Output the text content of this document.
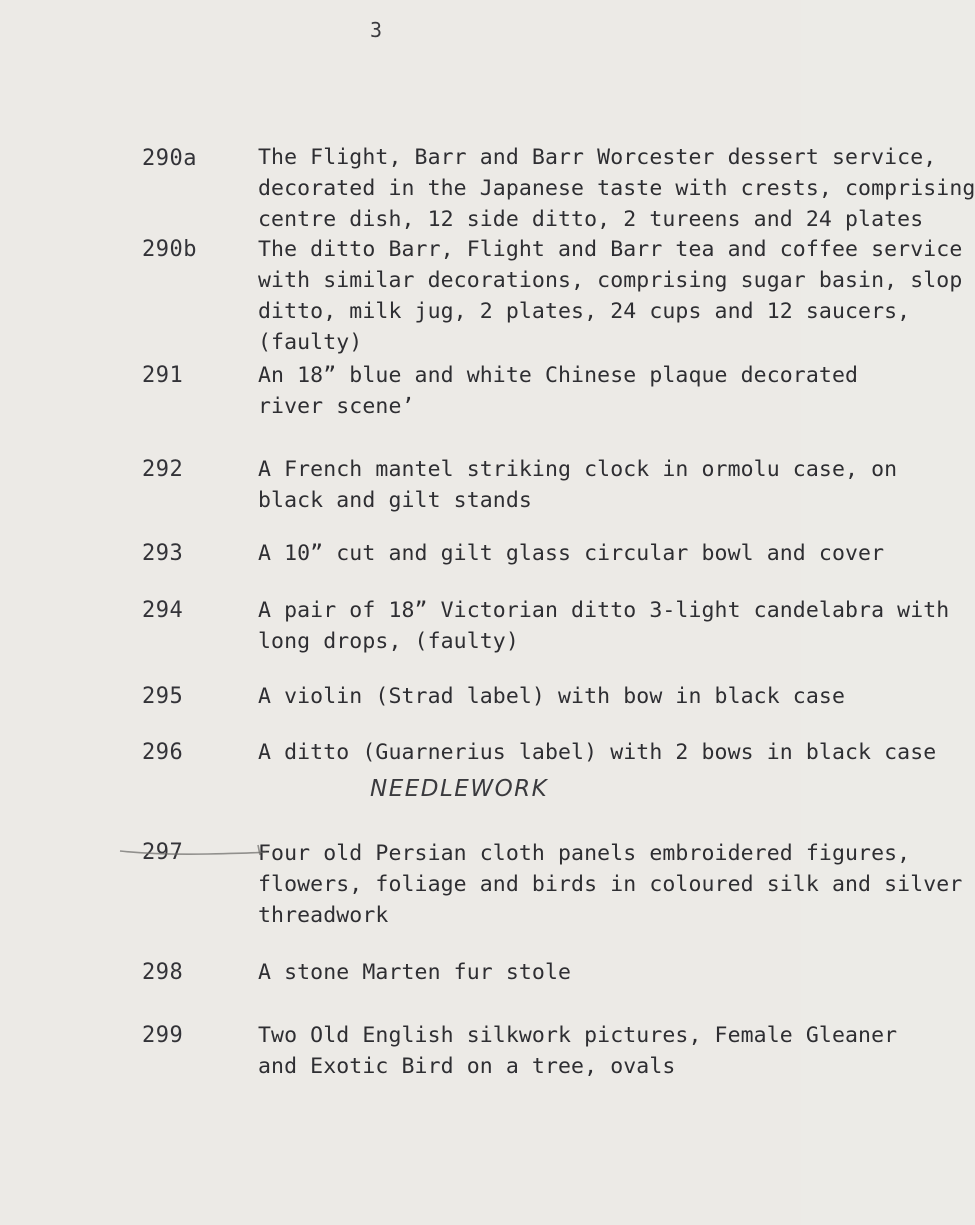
3
290a	The Flight, Barr and Barr Worcester dessert service,
decorated in the Japanese taste with crests, comprising
centre dish, 12 side ditto, 2 tureens and 24 plates
290b	The ditto Barr, Flight and Barr tea and coffee service
with similar decorations, comprising sugar basin, slop
ditto, milk jug, 2 plates, 24 cups and 12 saucers,
(faulty)
291	An 18” blue and white Chinese plaque decorated
river sceneʼ
292	A French mantel striking clock in ormolu case, on
black and gilt stands
293	A 10” cut and gilt glass circular bowl and cover
294	A pair of 18” Victorian ditto 3-light candelabra with
long drops, (faulty)
295	A violin (Strad label) with bow in black case
296	A ditto (Guarnerius label) with 2 bows in black case
NEEDLEWORK
297	Four old Persian cloth panels embroidered figures,
flowers, foliage and birds in coloured silk and silver
threadwork
298	A stone Marten fur stole
299	Two Old English silkwork pictures, Female Gleaner
and Exotic Bird on a tree, ovals
